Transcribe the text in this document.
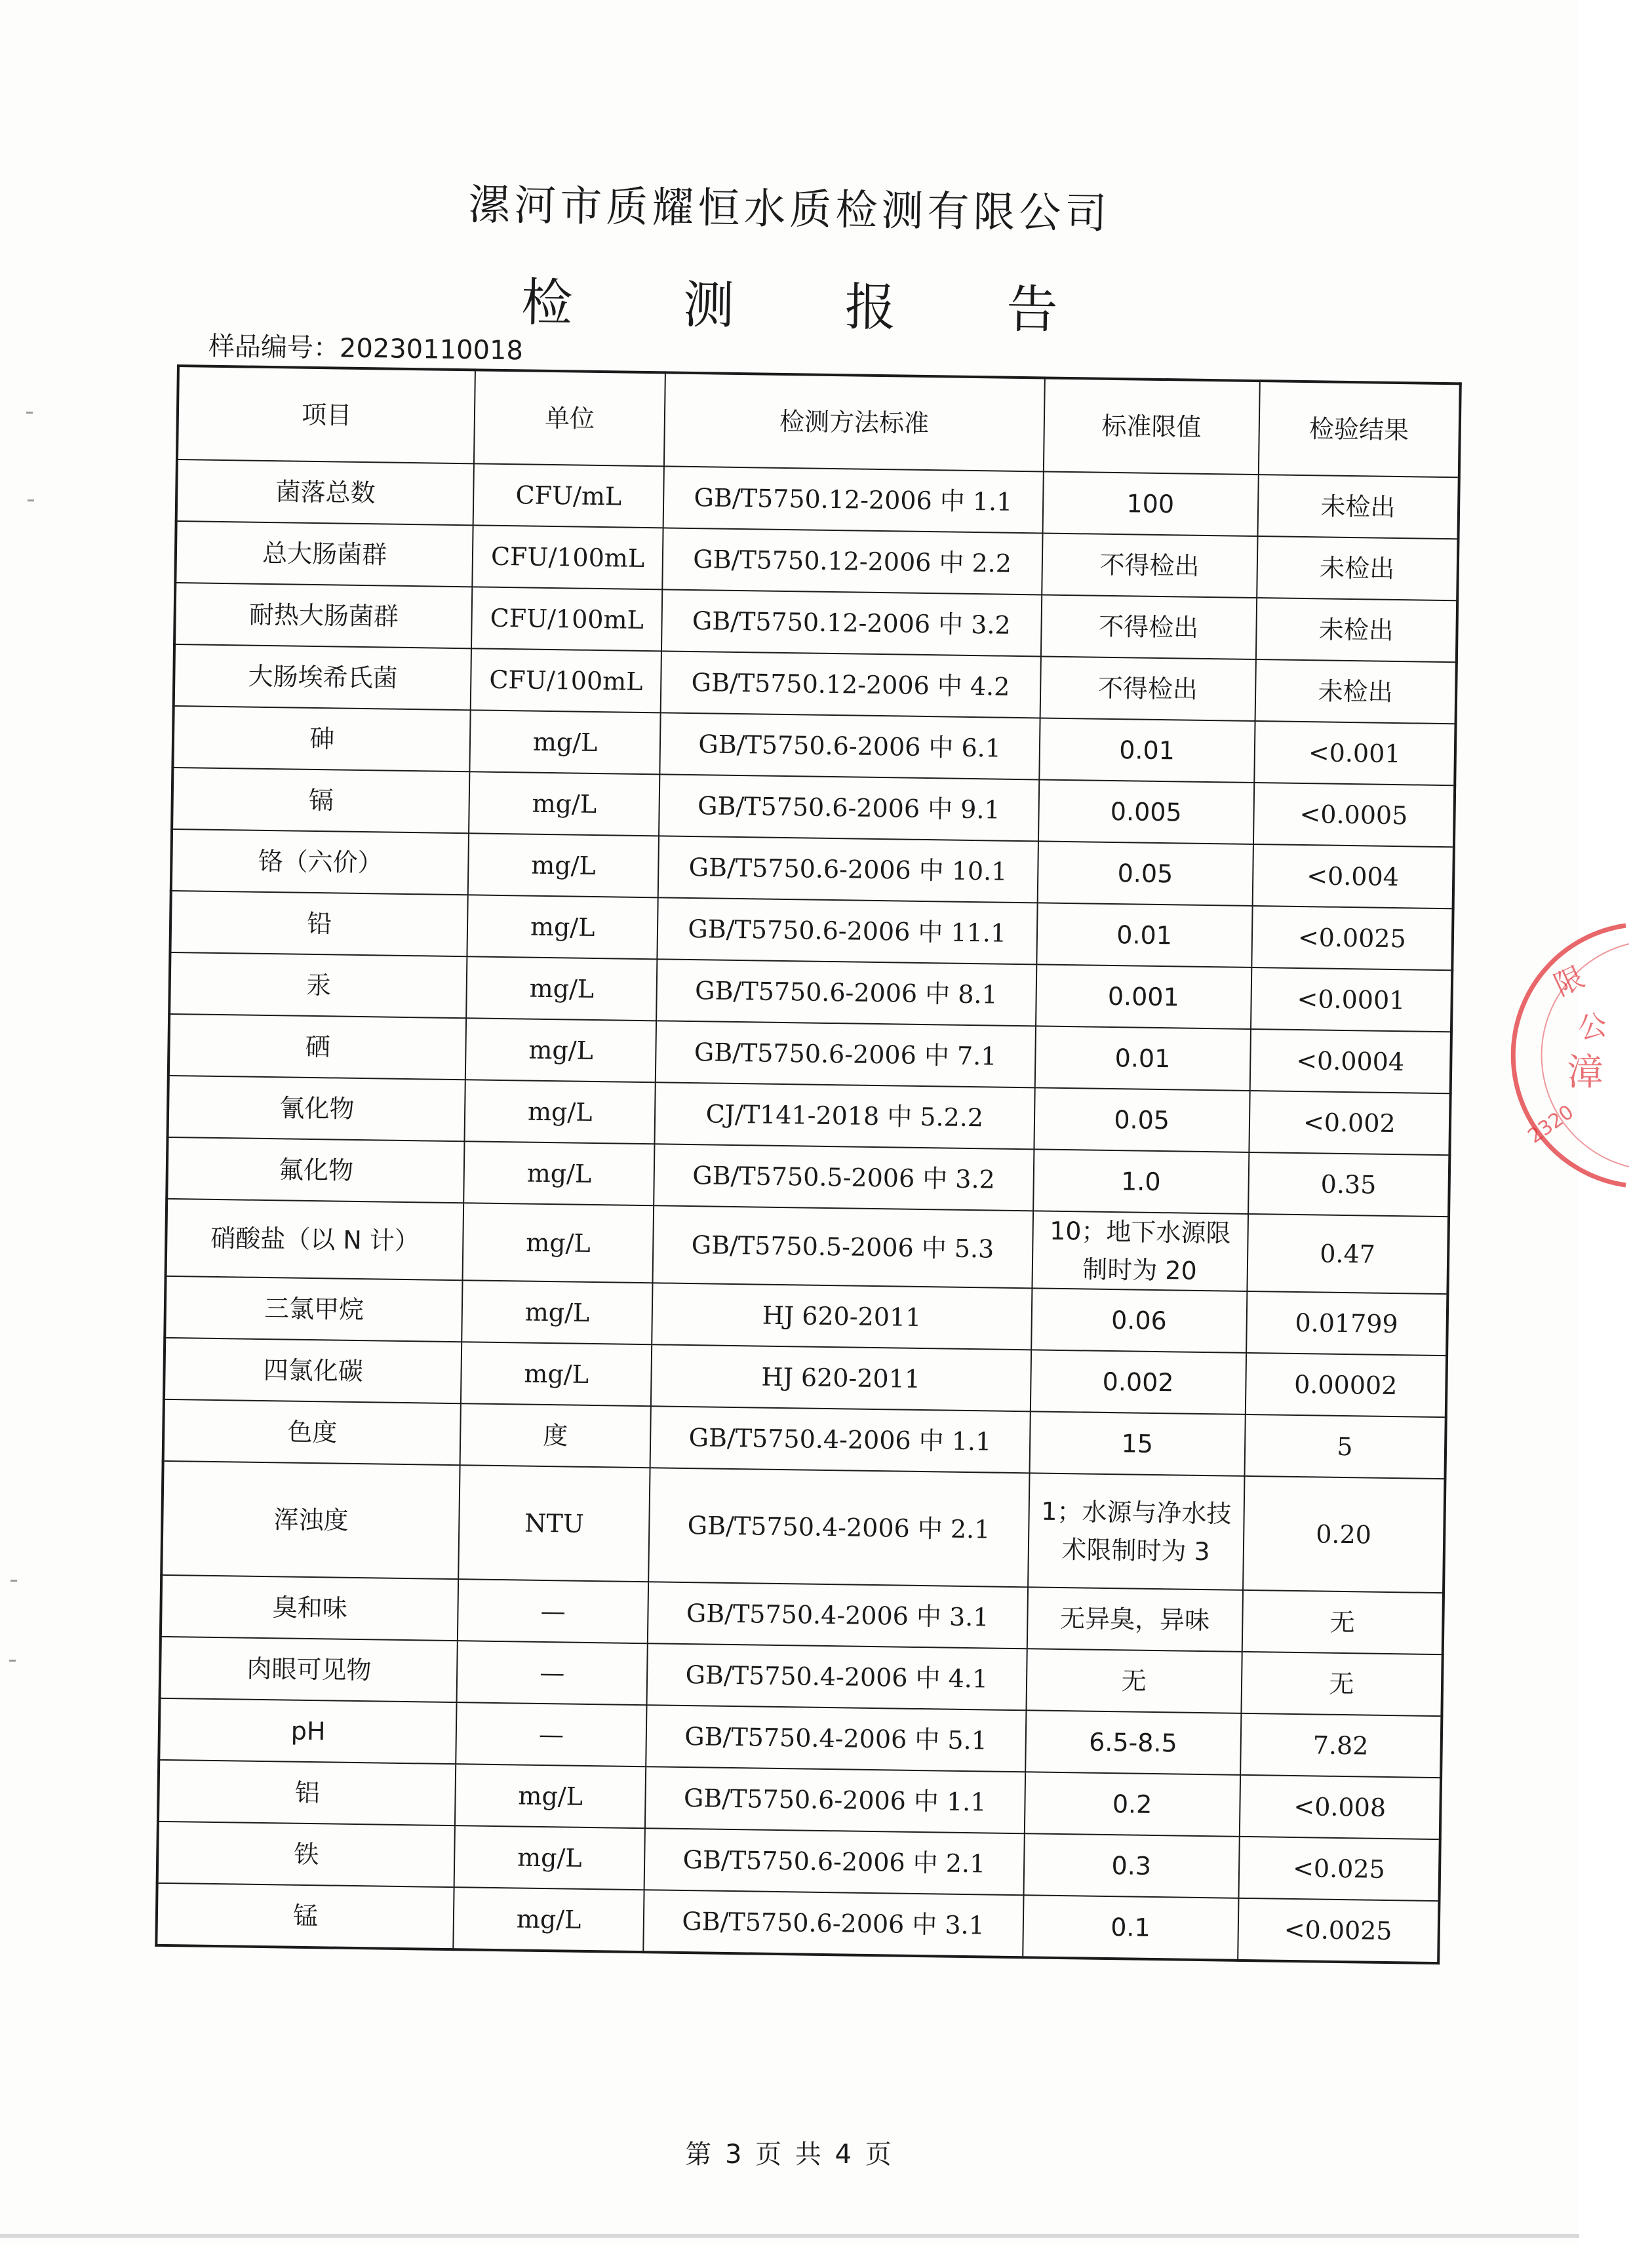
漯河市质耀恒水质检测有限公司
检 测 报 告
样品编号：20230110018
项目	单位	检测方法标准	标准限值	检验结果
菌落总数	CFU/mL	GB/T5750.12-2006 中 1.1	100	未检出
总大肠菌群	CFU/100mL	GB/T5750.12-2006 中 2.2	不得检出	未检出
耐热大肠菌群	CFU/100mL	GB/T5750.12-2006 中 3.2	不得检出	未检出
大肠埃希氏菌	CFU/100mL	GB/T5750.12-2006 中 4.2	不得检出	未检出
砷	mg/L	GB/T5750.6-2006 中 6.1	0.01	<0.001
镉	mg/L	GB/T5750.6-2006 中 9.1	0.005	<0.0005
铬（六价）	mg/L	GB/T5750.6-2006 中 10.1	0.05	<0.004
铅	mg/L	GB/T5750.6-2006 中 11.1	0.01	<0.0025
汞	mg/L	GB/T5750.6-2006 中 8.1	0.001	<0.0001
硒	mg/L	GB/T5750.6-2006 中 7.1	0.01	<0.0004
氰化物	mg/L	CJ/T141-2018 中 5.2.2	0.05	<0.002
氟化物	mg/L	GB/T5750.5-2006 中 3.2	1.0	0.35
硝酸盐（以 N 计）	mg/L	GB/T5750.5-2006 中 5.3	10；地下水源限制时为 20	0.47
三氯甲烷	mg/L	HJ 620-2011	0.06	0.01799
四氯化碳	mg/L	HJ 620-2011	0.002	0.00002
色度	度	GB/T5750.4-2006 中 1.1	15	5
浑浊度	NTU	GB/T5750.4-2006 中 2.1	1；水源与净水技术限制时为 3	0.20
臭和味	—	GB/T5750.4-2006 中 3.1	无异臭，异味	无
肉眼可见物	—	GB/T5750.4-2006 中 4.1	无	无
pH	—	GB/T5750.4-2006 中 5.1	6.5-8.5	7.82
铝	mg/L	GB/T5750.6-2006 中 1.1	0.2	<0.008
铁	mg/L	GB/T5750.6-2006 中 2.1	0.3	<0.025
锰	mg/L	GB/T5750.6-2006 中 3.1	0.1	<0.0025
第 3 页 共 4 页
限
公
漳
2320
